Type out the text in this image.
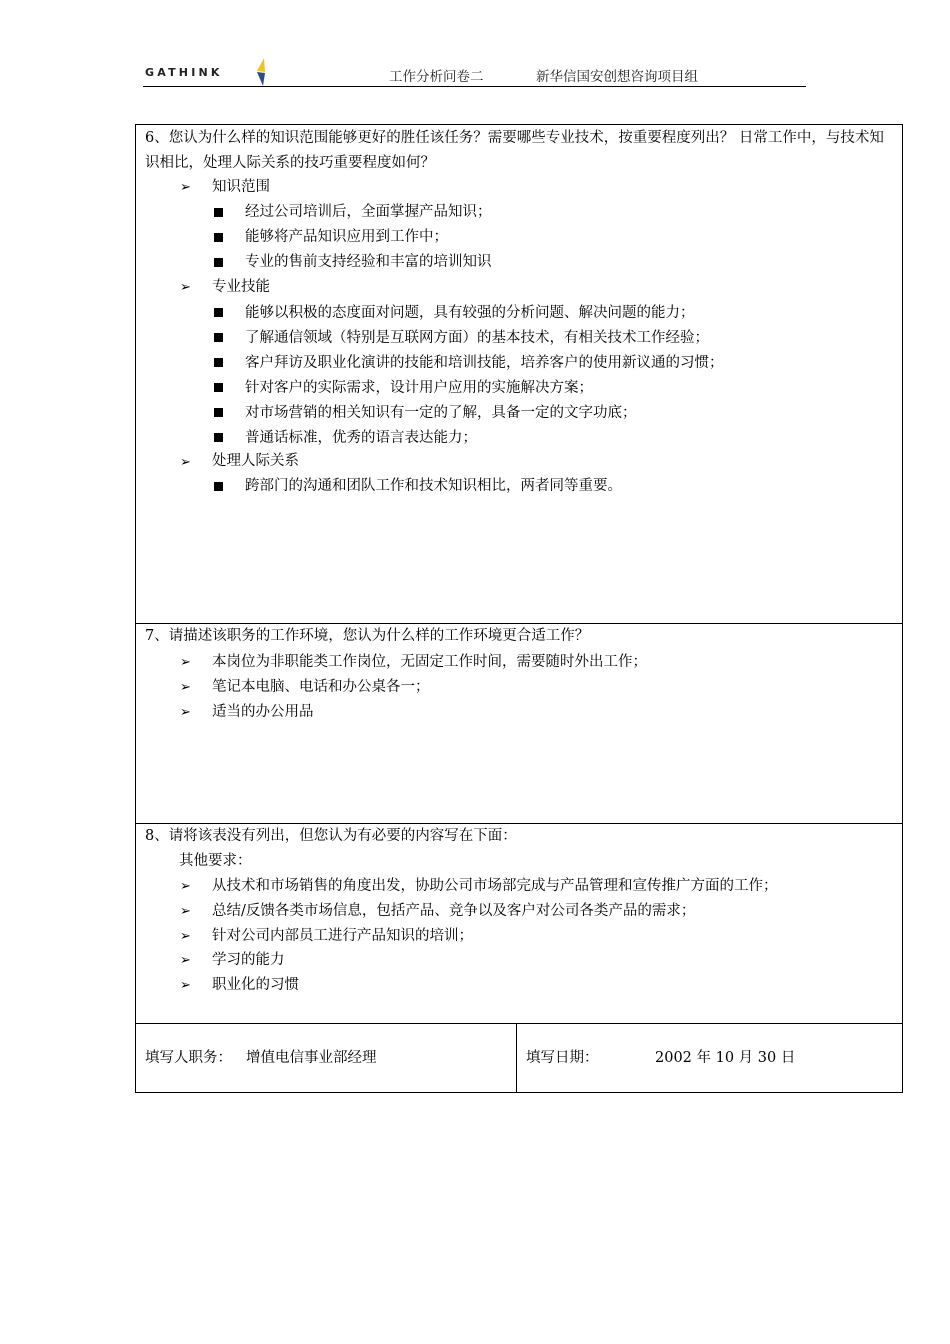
GATHINK	工作分析问卷二	新华信国安创想咨询项目组
6、您认为什么样的知识范围能够更好的胜任该任务？需要哪些专业技术，按重要程度列出？ 日常工作中，与技术知识相比，处理人际关系的技巧重要程度如何？
➢ 知识范围
经过公司培训后，全面掌握产品知识；
能够将产品知识应用到工作中；
专业的售前支持经验和丰富的培训知识
➢ 专业技能
能够以积极的态度面对问题，具有较强的分析问题、解决问题的能力；
了解通信领域（特别是互联网方面）的基本技术，有相关技术工作经验；
客户拜访及职业化演讲的技能和培训技能，培养客户的使用新议通的习惯；
针对客户的实际需求，设计用户应用的实施解决方案；
对市场营销的相关知识有一定的了解，具备一定的文字功底；
普通话标准，优秀的语言表达能力；
➢ 处理人际关系
跨部门的沟通和团队工作和技术知识相比，两者同等重要。
7、请描述该职务的工作环境，您认为什么样的工作环境更合适工作？
➢ 本岗位为非职能类工作岗位，无固定工作时间，需要随时外出工作；
➢ 笔记本电脑、电话和办公桌各一；
➢ 适当的办公用品
8、请将该表没有列出，但您认为有必要的内容写在下面：
其他要求：
➢ 从技术和市场销售的角度出发，协助公司市场部完成与产品管理和宣传推广方面的工作；
➢ 总结/反馈各类市场信息，包括产品、竞争以及客户对公司各类产品的需求；
➢ 针对公司内部员工进行产品知识的培训；
➢ 学习的能力
➢ 职业化的习惯
填写人职务： 增值电信事业部经理	填写日期：	2002 年 10 月 30 日
